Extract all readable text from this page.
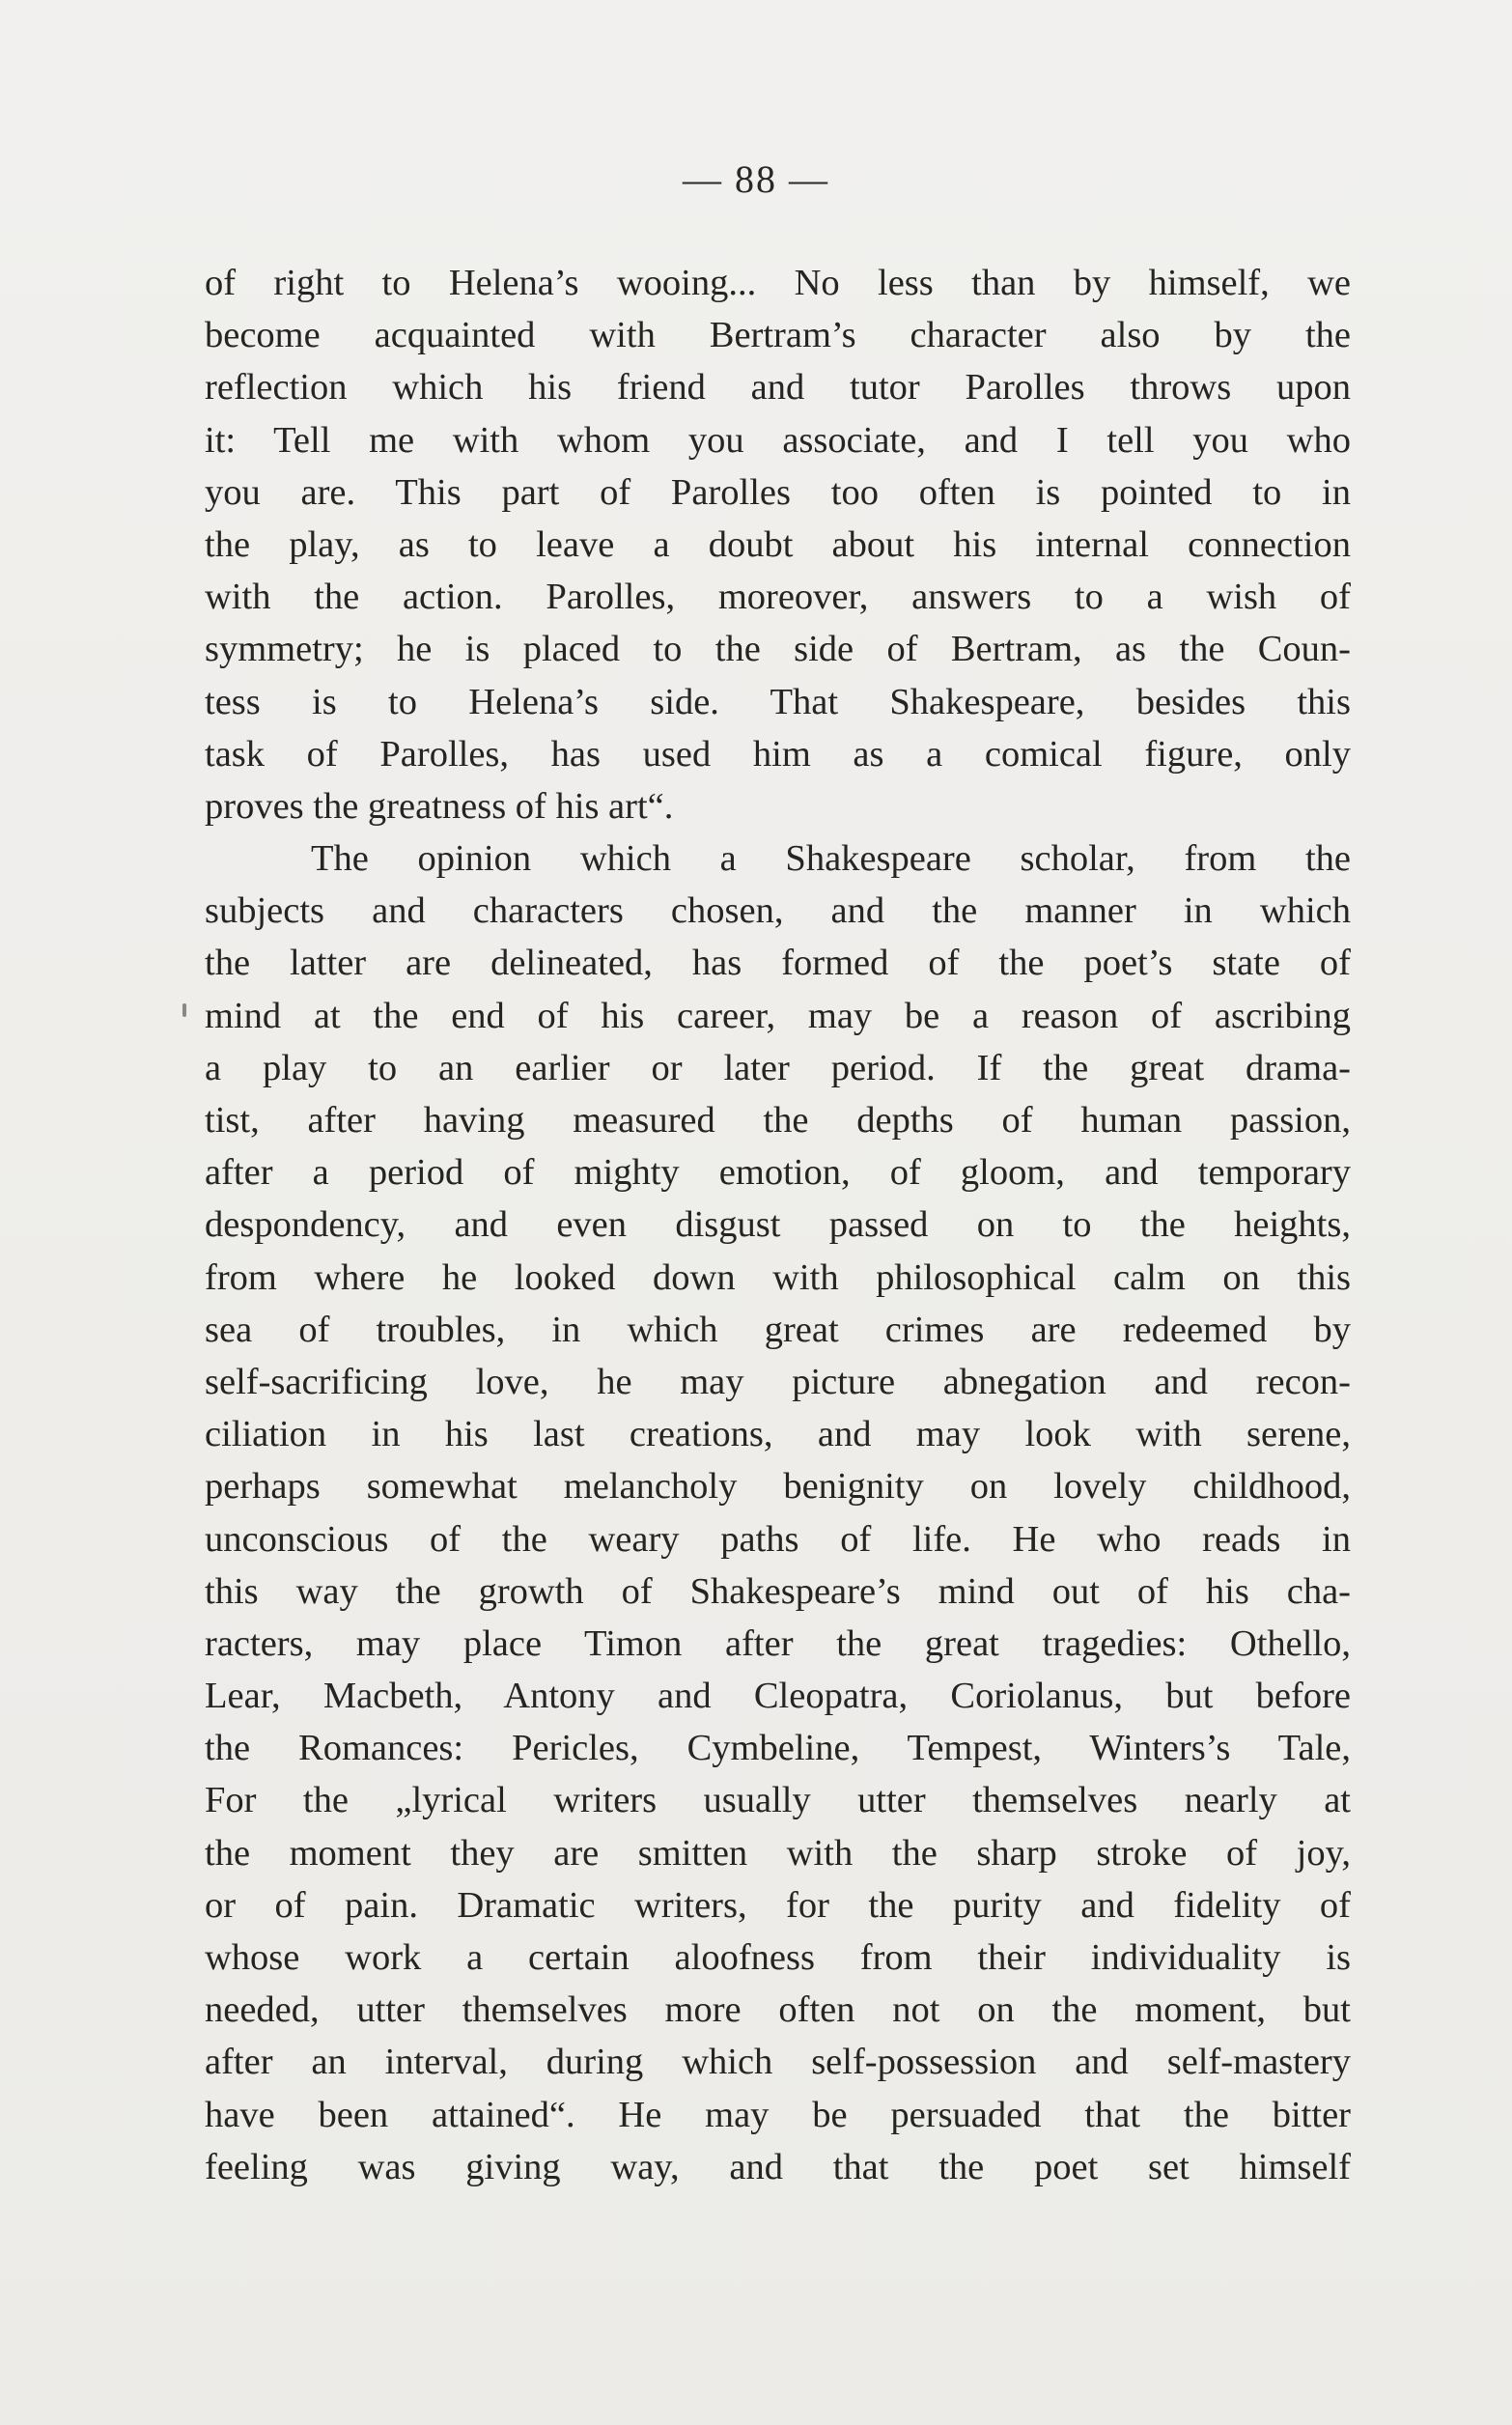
— 88 —
of right to Helena’s wooing... No less than by himself, we
become acquainted with Bertram’s character also by the
reflection which his friend and tutor Parolles throws upon
it: Tell me with whom you associate, and I tell you who
you are. This part of Parolles too often is pointed to in
the play, as to leave a doubt about his internal connection
with the action. Parolles, moreover, answers to a wish of
symmetry; he is placed to the side of Bertram, as the Coun-
tess is to Helena’s side. That Shakespeare, besides this
task of Parolles, has used him as a comical figure, only
proves the greatness of his art“.
The opinion which a Shakespeare scholar, from the
subjects and characters chosen, and the manner in which
the latter are delineated, has formed of the poet’s state of
mind at the end of his career, may be a reason of ascribing
a play to an earlier or later period. If the great drama-
tist, after having measured the depths of human passion,
after a period of mighty emotion, of gloom, and temporary
despondency, and even disgust passed on to the heights,
from where he looked down with philosophical calm on this
sea of troubles, in which great crimes are redeemed by
self-sacrificing love, he may picture abnegation and recon-
ciliation in his last creations, and may look with serene,
perhaps somewhat melancholy benignity on lovely childhood,
unconscious of the weary paths of life. He who reads in
this way the growth of Shakespeare’s mind out of his cha-
racters, may place Timon after the great tragedies: Othello,
Lear, Macbeth, Antony and Cleopatra, Coriolanus, but before
the Romances: Pericles, Cymbeline, Tempest, Winters’s Tale,
For the „lyrical writers usually utter themselves nearly at
the moment they are smitten with the sharp stroke of joy,
or of pain. Dramatic writers, for the purity and fidelity of
whose work a certain aloofness from their individuality is
needed, utter themselves more often not on the moment, but
after an interval, during which self-possession and self-mastery
have been attained“. He may be persuaded that the bitter
feeling was giving way, and that the poet set himself
